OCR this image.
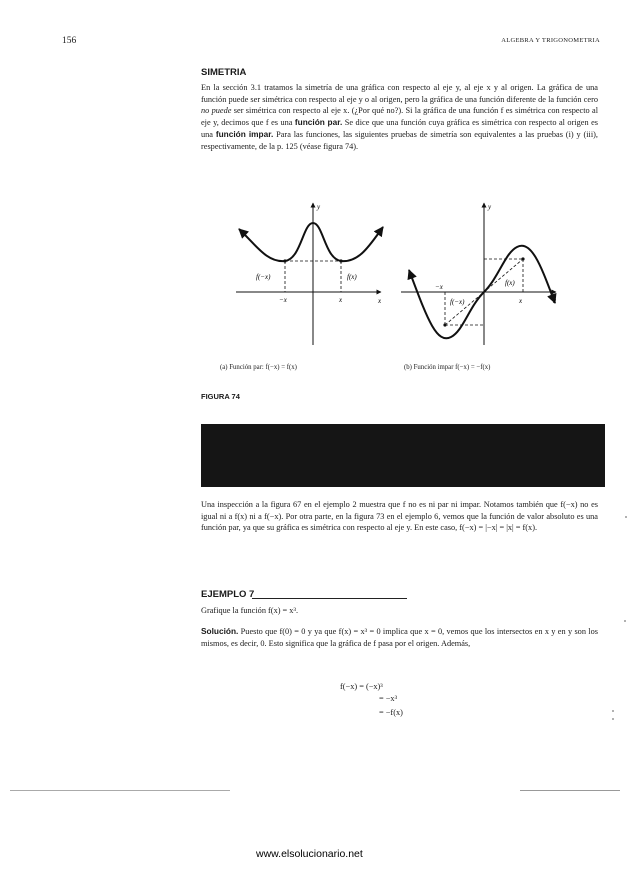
156	ALGEBRA Y TRIGONOMETRIA
SIMETRIA
En la sección 3.1 tratamos la simetría de una gráfica con respecto al eje y, al eje x y al origen. La gráfica de una función puede ser simétrica con respecto al eje y o al origen, pero la gráfica de una función diferente de la función cero no puede ser simétrica con respecto al eje x. (¿Por qué no?). Si la gráfica de una función f es simétrica con respecto al eje y, decimos que f es una función par. Se dice que una función cuya gráfica es simétrica con respecto al origen es una función impar. Para las funciones, las siguientes pruebas de simetría son equivalentes a las pruebas (i) y (iii), respectivamente, de la p. 125 (véase figura 74).
y
x
f(−x)	f(x)
−x	x
y
x
f(−x)
f(x)
−x
x
(a) Función par: f(−x) = f(x)	(b) Función impar f(−x) = −f(x)
FIGURA 74
Una inspección a la figura 67 en el ejemplo 2 muestra que f no es ni par ni impar. Notamos también que f(−x) no es igual ni a f(x) ni a f(−x). Por otra parte, en la figura 73 en el ejemplo 6, vemos que la función de valor absoluto es una función par, ya que su gráfica es simétrica con respecto al eje y. En este caso, f(−x) = |−x| = |x| = f(x).
EJEMPLO 7
Grafique la función f(x) = x³.
Solución. Puesto que f(0) = 0 y ya que f(x) = x³ = 0 implica que x = 0, vemos que los intersectos en x y en y son los mismos, es decir, 0. Esto significa que la gráfica de f pasa por el origen. Además,
f(−x) = (−x)³
= −x³
= −f(x)
www.elsolucionario.net
